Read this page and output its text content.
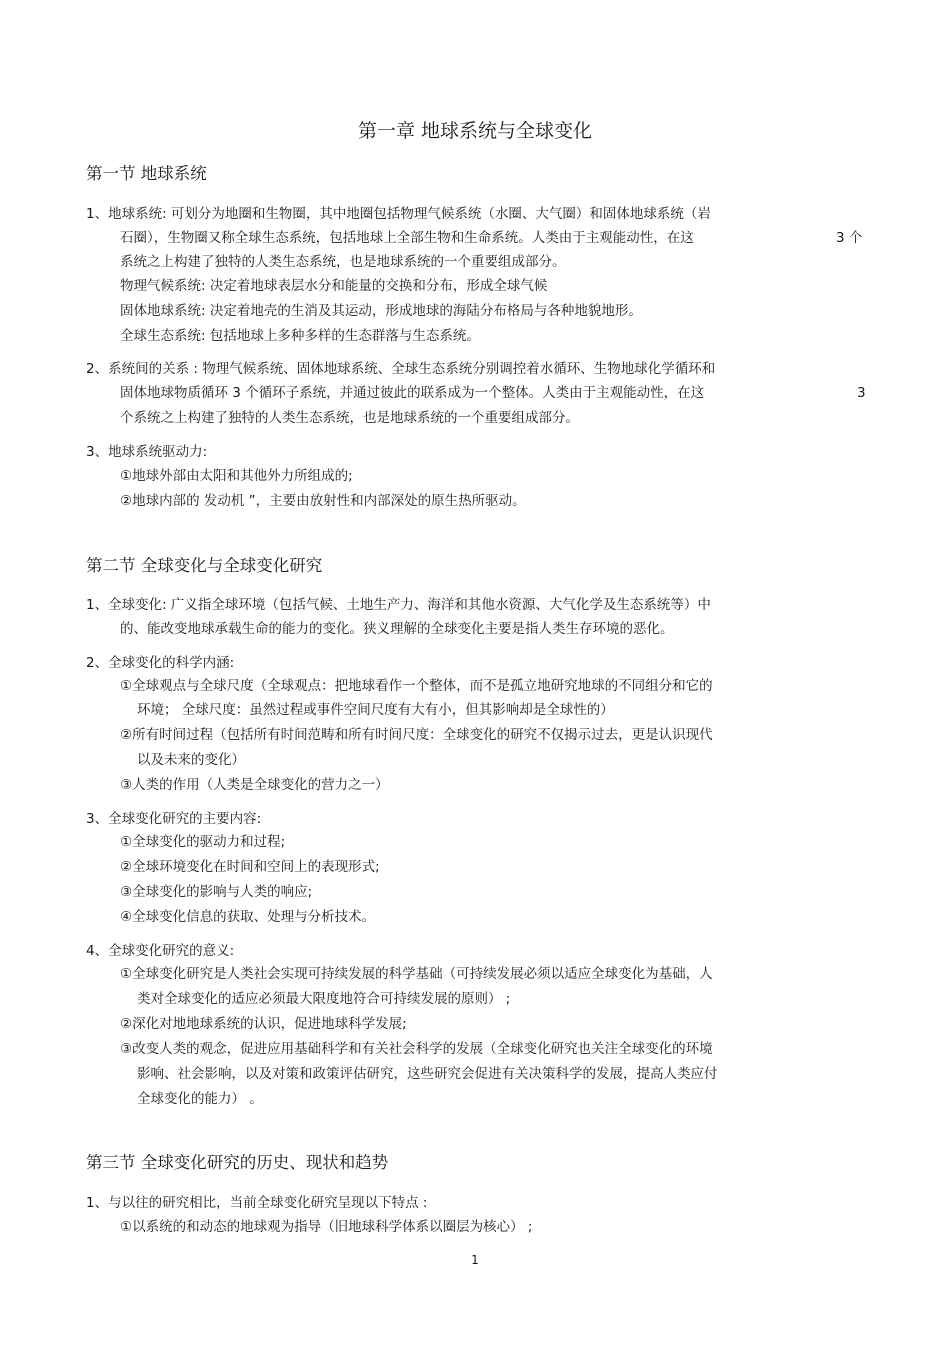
第一章 地球系统与全球变化
第一节 地球系统
1、地球系统: 可划分为地圈和生物圈，其中地圈包括物理气候系统（水圈、大气圈）和固体地球系统（岩
石圈），生物圈又称全球生态系统，包括地球上全部生物和生命系统。人类由于主观能动性，在这	3 个
系统之上构建了独特的人类生态系统，也是地球系统的一个重要组成部分。
物理气候系统: 决定着地球表层水分和能量的交换和分布，形成全球气候
固体地球系统: 决定着地壳的生消及其运动，形成地球的海陆分布格局与各种地貌地形。
全球生态系统: 包括地球上多种多样的生态群落与生态系统。
2、系统间的关系 : 物理气候系统、固体地球系统、全球生态系统分别调控着水循环、生物地球化学循环和
固体地球物质循环 3 个循环子系统，并通过彼此的联系成为一个整体。人类由于主观能动性，在这	3
个系统之上构建了独特的人类生态系统，也是地球系统的一个重要组成部分。
3、地球系统驱动力:
①地球外部由太阳和其他外力所组成的;
②地球内部的 发动机 ”，主要由放射性和内部深处的原生热所驱动。
第二节 全球变化与全球变化研究
1、全球变化: 广义指全球环境（包括气候、土地生产力、海洋和其他水资源、大气化学及生态系统等）中
的、能改变地球承载生命的能力的变化。狭义理解的全球变化主要是指人类生存环境的恶化。
2、全球变化的科学内涵:
①全球观点与全球尺度（全球观点：把地球看作一个整体，而不是孤立地研究地球的不同组分和它的
环境； 全球尺度：虽然过程或事件空间尺度有大有小，但其影响却是全球性的）
②所有时间过程（包括所有时间范畴和所有时间尺度：全球变化的研究不仅揭示过去，更是认识现代
以及未来的变化）
③人类的作用（人类是全球变化的营力之一）
3、全球变化研究的主要内容:
①全球变化的驱动力和过程;
②全球环境变化在时间和空间上的表现形式;
③全球变化的影响与人类的响应;
④全球变化信息的获取、处理与分析技术。
4、全球变化研究的意义:
①全球变化研究是人类社会实现可持续发展的科学基础（可持续发展必须以适应全球变化为基础，人
类对全球变化的适应必须最大限度地符合可持续发展的原则） ;
②深化对地地球系统的认识，促进地球科学发展;
③改变人类的观念，促进应用基础科学和有关社会科学的发展（全球变化研究也关注全球变化的环境
影响、社会影响，以及对策和政策评估研究，这些研究会促进有关决策科学的发展，提高人类应付
全球变化的能力） 。
第三节 全球变化研究的历史、现状和趋势
1、与以往的研究相比，当前全球变化研究呈现以下特点 :
①以系统的和动态的地球观为指导（旧地球科学体系以圈层为核心） ;
1
